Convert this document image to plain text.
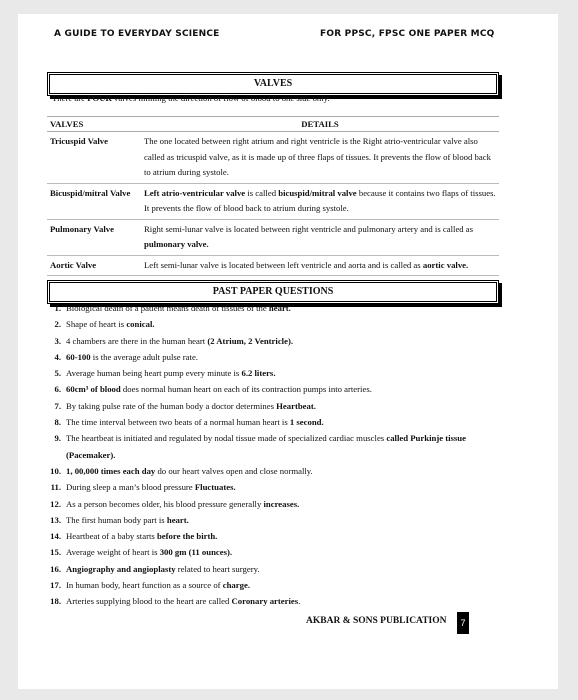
A GUIDE TO EVERYDAY SCIENCE	FOR PPSC, FPSC ONE PAPER MCQ
VALVES
There are FOUR valves limiting the direction of flow of blood to one side only.
VALVES	DETAILS
Tricuspid Valve	The one located between right atrium and right ventricle is the Right atrio-ventricular valve also called as tricuspid valve, as it is made up of three flaps of tissues. It prevents the flow of blood back to atrium during systole.
Bicuspid/mitral Valve	Left atrio-ventricular valve is called bicuspid/mitral valve because it contains two flaps of tissues. It prevents the flow of blood back to atrium during systole.
Pulmonary Valve	Right semi-lunar valve is located between right ventricle and pulmonary artery and is called as pulmonary valve.
Aortic Valve	Left semi-lunar valve is located between left ventricle and aorta and is called as aortic valve.
PAST PAPER QUESTIONS
1. Biological death of a patient means death of tissues of the heart.
2. Shape of heart is conical.
3. 4 chambers are there in the human heart (2 Atrium, 2 Ventricle).
4. 60-100 is the average adult pulse rate.
5. Average human being heart pump every minute is 6.2 liters.
6. 60cm³ of blood does normal human heart on each of its contraction pumps into arteries.
7. By taking pulse rate of the human body a doctor determines Heartbeat.
8. The time interval between two beats of a normal human heart is 1 second.
9. The heartbeat is initiated and regulated by nodal tissue made of specialized cardiac muscles called Purkinje tissue (Pacemaker).
10. 1, 00,000 times each day do our heart valves open and close normally.
11. During sleep a man’s blood pressure Fluctuates.
12. As a person becomes older, his blood pressure generally increases.
13. The first human body part is heart.
14. Heartbeat of a baby starts before the birth.
15. Average weight of heart is 300 gm (11 ounces).
16. Angiography and angioplasty related to heart surgery.
17. In human body, heart function as a source of charge.
18. Arteries supplying blood to the heart are called Coronary arteries.
AKBAR & SONS PUBLICATION	7
